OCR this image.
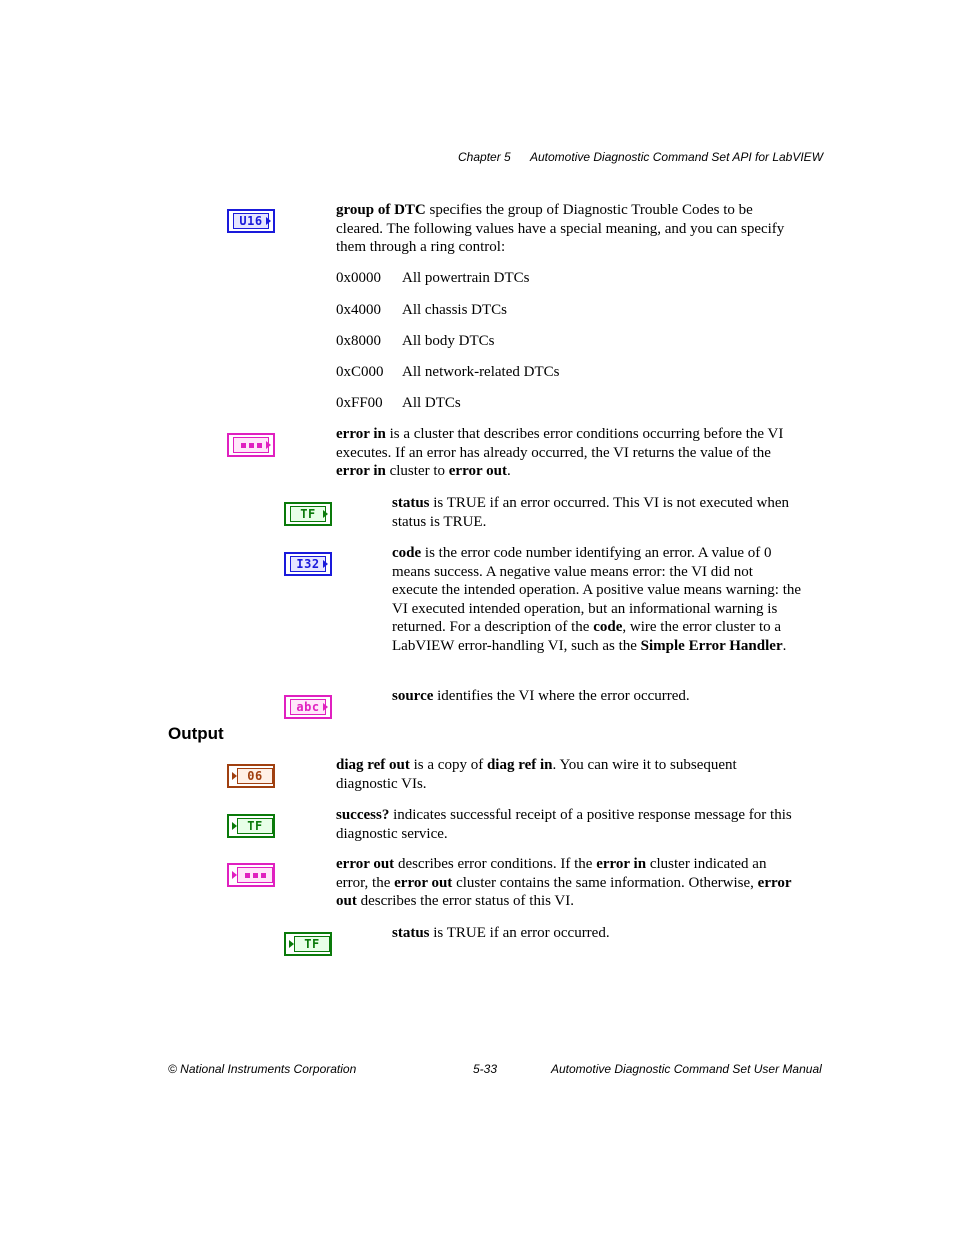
Chapter 5 Automotive Diagnostic Command Set API for LabVIEW
U16
group of DTC specifies the group of Diagnostic Trouble Codes to be cleared. The following values have a special meaning, and you can specify them through a ring control:
0x0000 All powertrain DTCs
0x4000 All chassis DTCs
0x8000 All body DTCs
0xC000 All network-related DTCs
0xFF00 All DTCs
error in is a cluster that describes error conditions occurring before the VI executes. If an error has already occurred, the VI returns the value of the error in cluster to error out.
TF
status is TRUE if an error occurred. This VI is not executed when status is TRUE.
I32
code is the error code number identifying an error. A value of 0 means success. A negative value means error: the VI did not execute the intended operation. A positive value means warning: the VI executed intended operation, but an informational warning is returned. For a description of the code, wire the error cluster to a LabVIEW error-handling VI, such as the Simple Error Handler.
abc
source identifies the VI where the error occurred.
Output
06
diag ref out is a copy of diag ref in. You can wire it to subsequent diagnostic VIs.
TF
success? indicates successful receipt of a positive response message for this diagnostic service.
error out describes error conditions. If the error in cluster indicated an error, the error out cluster contains the same information. Otherwise, error out describes the error status of this VI.
TF
status is TRUE if an error occurred.
© National Instruments Corporation	5-33	Automotive Diagnostic Command Set User Manual
